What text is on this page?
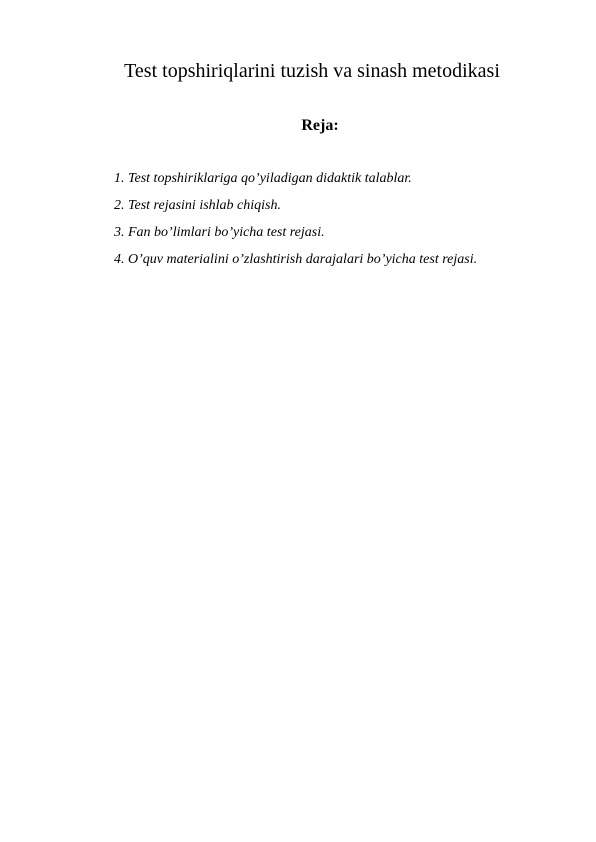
Test topshiriqlarini tuzish va sinash metodikasi
Reja:
1. Test topshiriklariga qo’yiladigan didaktik talablar.
2. Test rejasini ishlab chiqish.
3. Fan bo’limlari bo’yicha test rejasi.
4. O’quv materialini o’zlashtirish darajalari bo’yicha test rejasi.
